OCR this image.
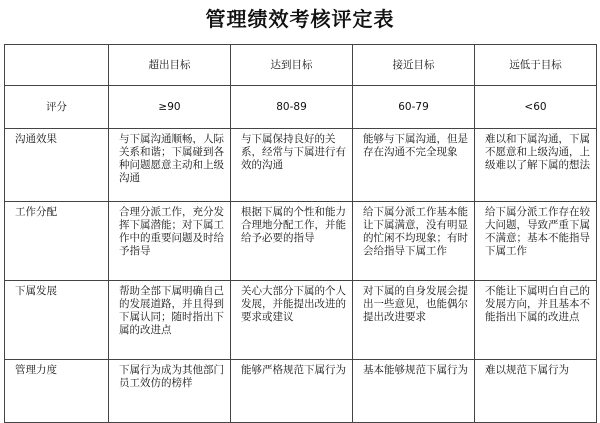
管理绩效考核评定表
	超出目标	达到目标	接近目标	远低于目标
评分	≥90	80-89	60-79	<60
沟通效果	与下属沟通顺畅，人际关系和谐；下属碰到各种问题愿意主动和上级沟通	与下属保持良好的关系，经常与下属进行有效的沟通	能够与下属沟通，但是存在沟通不完全现象	难以和下属沟通，下属不愿意和上级沟通，上级难以了解下属的想法
工作分配	合理分派工作，充分发挥下属潜能；对下属工作中的重要问题及时给予指导	根据下属的个性和能力合理地分配工作，并能给予必要的指导	给下属分派工作基本能让下属满意，没有明显的忙闲不均现象；有时会给指导下属工作	给下属分派工作存在较大问题，导致严重下属不满意；基本不能指导下属工作
下属发展	帮助全部下属明确自己的发展道路，并且得到下属认同；随时指出下属的改进点	关心大部分下属的个人发展，并能提出改进的要求或建议	对下属的自身发展会提出一些意见，也能偶尔提出改进要求	不能让下属明白自己的发展方向，并且基本不能指出下属的改进点
管理力度	下属行为成为其他部门员工效仿的榜样	能够严格规范下属行为	基本能够规范下属行为	难以规范下属行为
